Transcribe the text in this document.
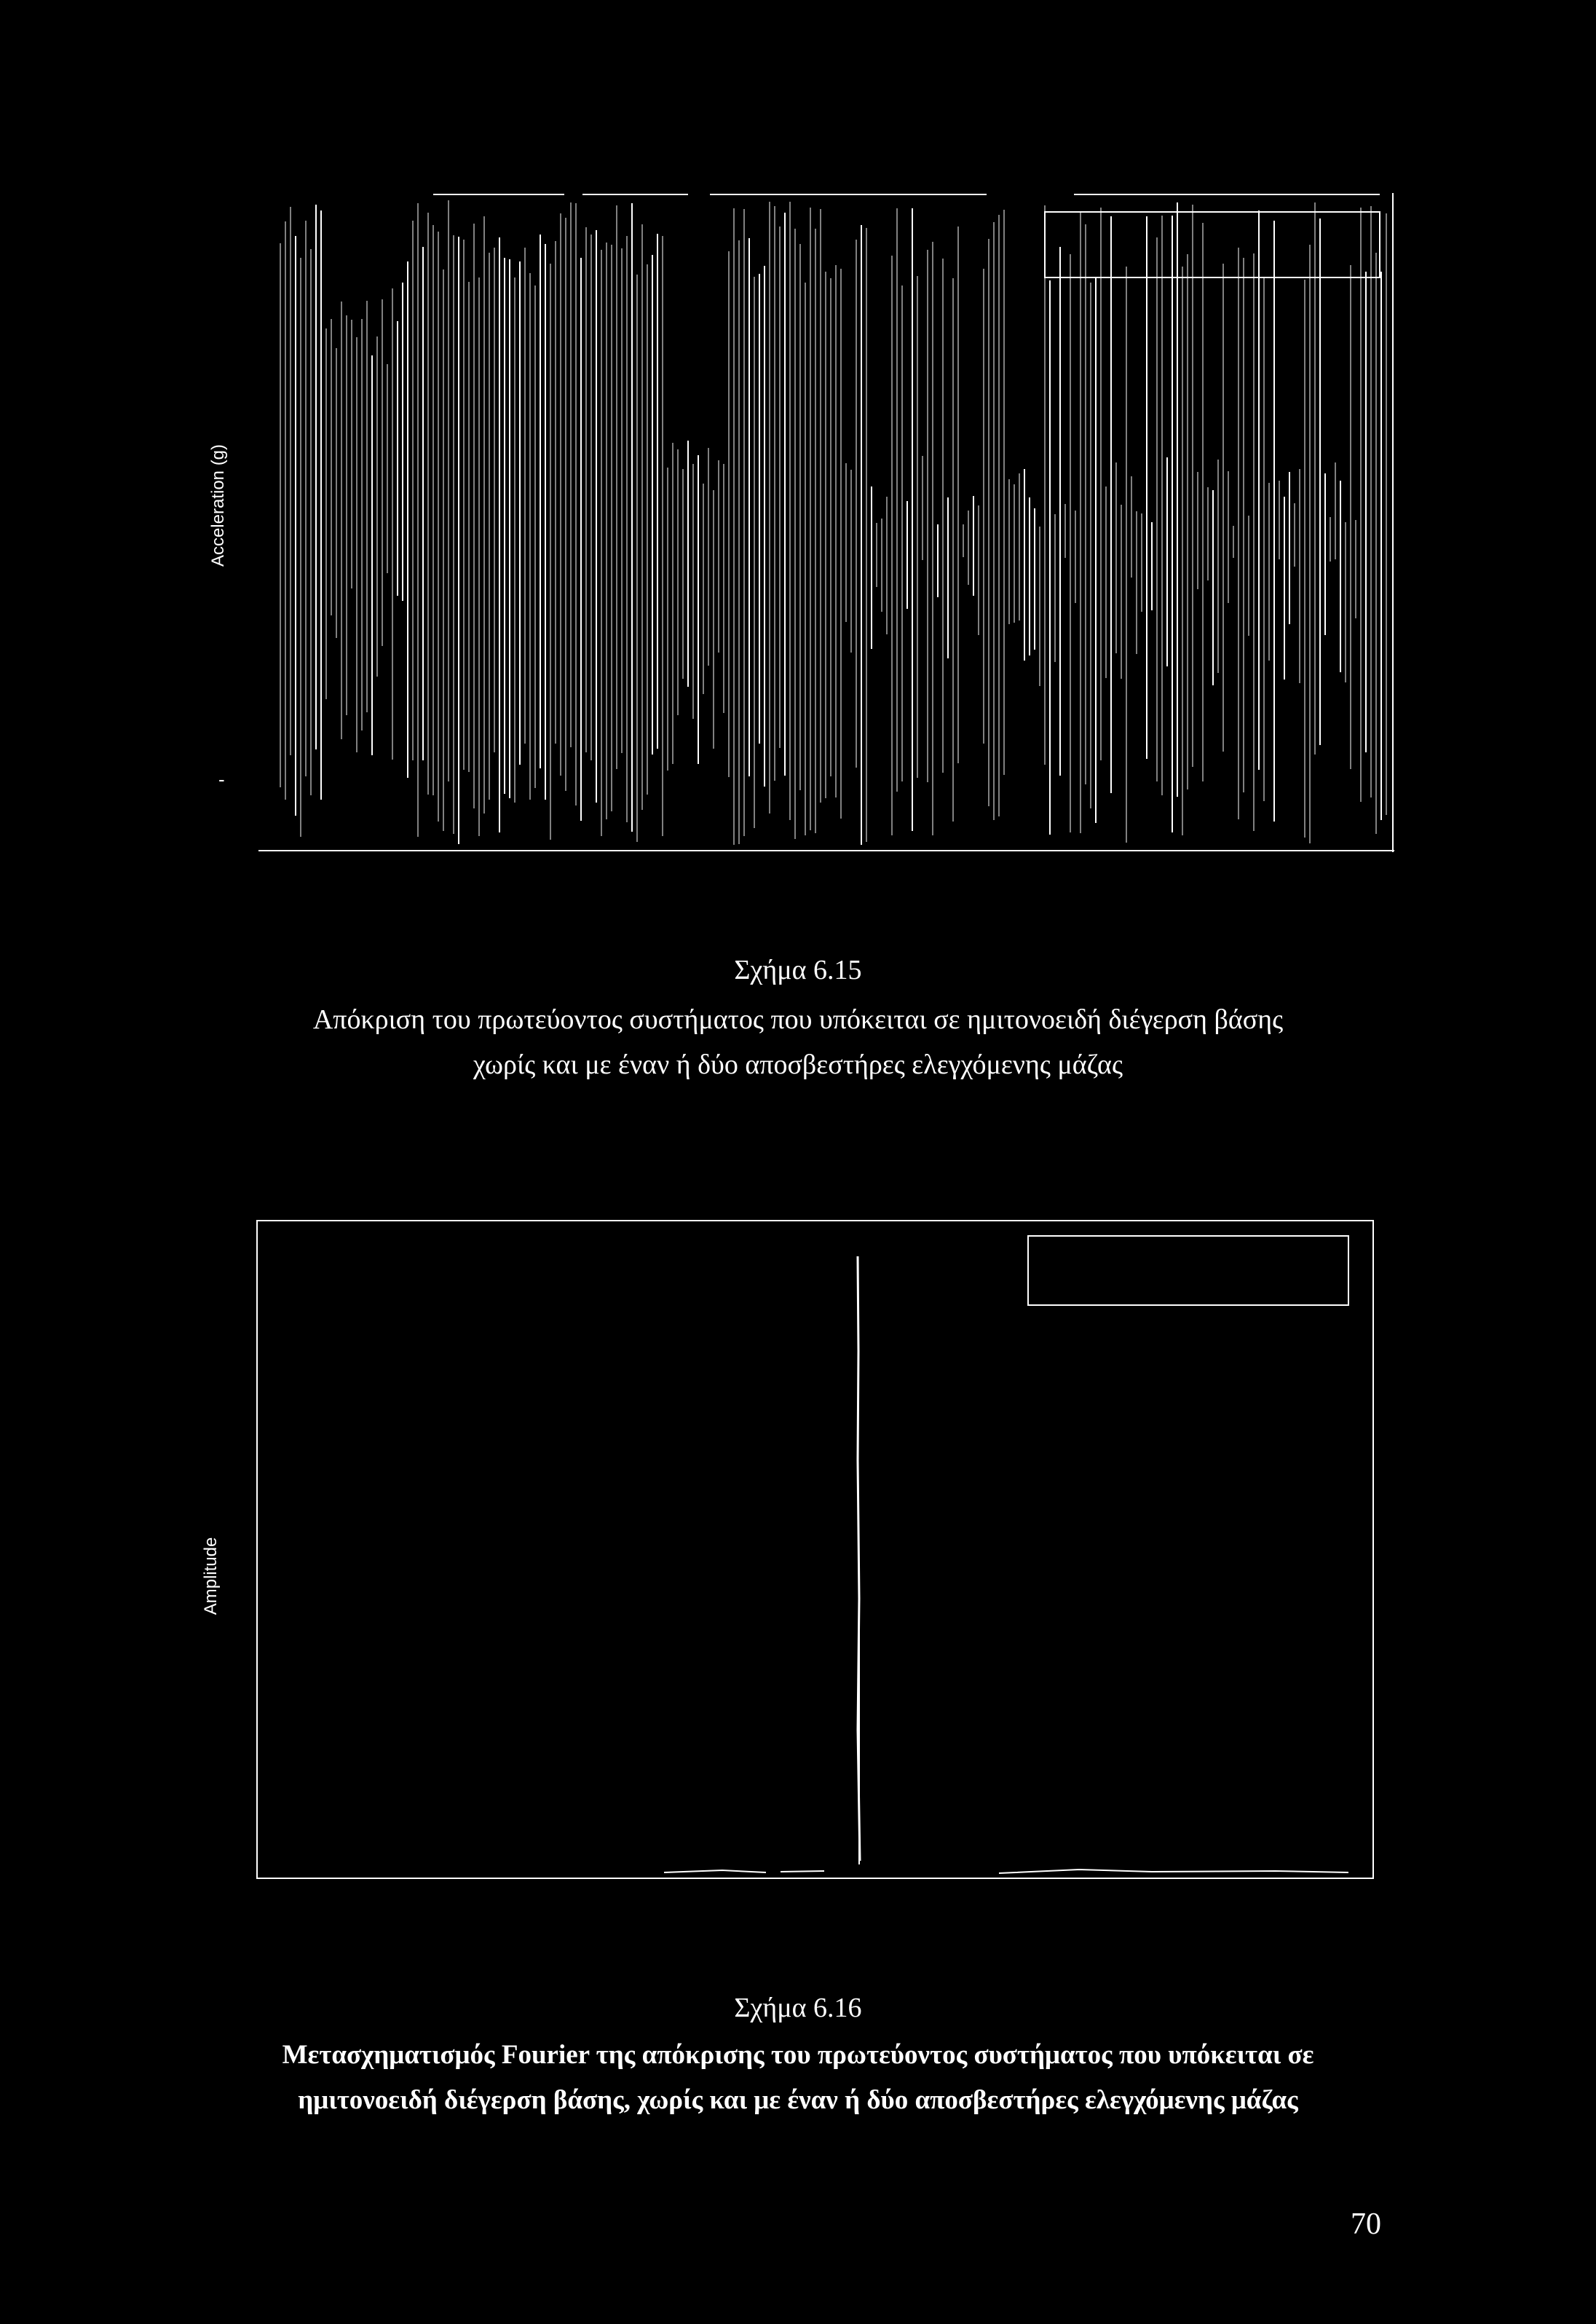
Acceleration (g)
-
Σχήμα 6.15
Απόκριση του πρωτεύοντος συστήματος που υπόκειται σε ημιτονοειδή διέγερση βάσης
χωρίς και με έναν ή δύο αποσβεστήρες ελεγχόμενης μάζας
Amplitude
Σχήμα 6.16
Μετασχηματισμός Fourier της απόκρισης του πρωτεύοντος συστήματος που υπόκειται σε
ημιτονοειδή διέγερση βάσης, χωρίς και με έναν ή δύο αποσβεστήρες ελεγχόμενης μάζας
70
